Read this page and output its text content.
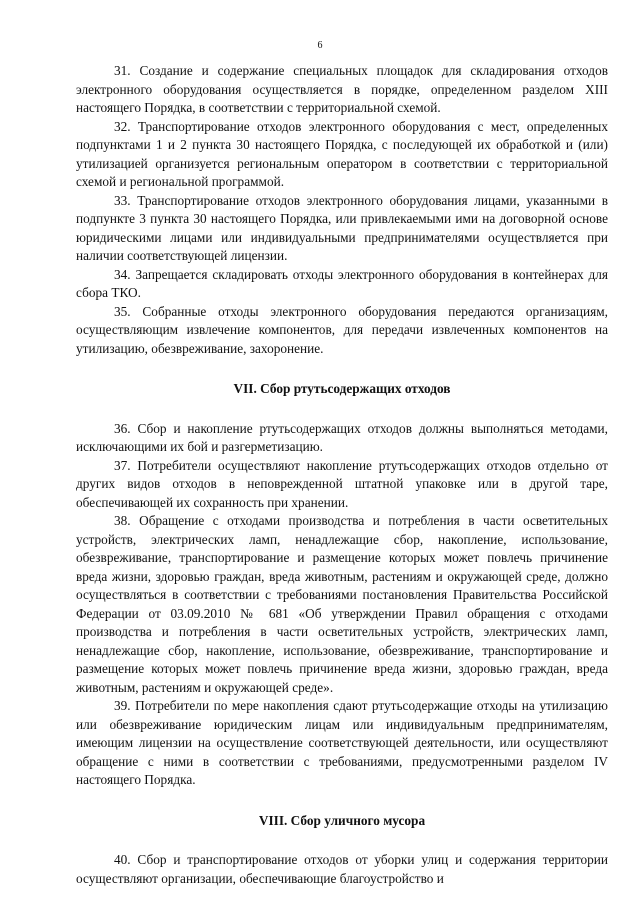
6

31. Создание и содержание специальных площадок для складирования отходов электронного оборудования осуществляется в порядке, определенном разделом XIII настоящего Порядка, в соответствии с территориальной схемой.

32. Транспортирование отходов электронного оборудования с мест, определенных подпунктами 1 и 2 пункта 30 настоящего Порядка, с последующей их обработкой и (или) утилизацией организуется региональным оператором в соответствии с территориальной схемой и региональной программой.

33. Транспортирование отходов электронного оборудования лицами, указанными в подпункте 3 пункта 30 настоящего Порядка, или привлекаемыми ими на договорной основе юридическими лицами или индивидуальными предпринимателями осуществляется при наличии соответствующей лицензии.

34. Запрещается складировать отходы электронного оборудования в контейнерах для сбора ТКО.

35. Собранные отходы электронного оборудования передаются организациям, осуществляющим извлечение компонентов, для передачи извлеченных компонентов на утилизацию, обезвреживание, захоронение.

VII. Сбор ртутьсодержащих отходов

36. Сбор и накопление ртутьсодержащих отходов должны выполняться методами, исключающими их бой и разгерметизацию.

37. Потребители осуществляют накопление ртутьсодержащих отходов отдельно от других видов отходов в неповрежденной штатной упаковке или в другой таре, обеспечивающей их сохранность при хранении.

38. Обращение с отходами производства и потребления в части осветительных устройств, электрических ламп, ненадлежащие сбор, накопление, использование, обезвреживание, транспортирование и размещение которых может повлечь причинение вреда жизни, здоровью граждан, вреда животным, растениям и окружающей среде, должно осуществляться в соответствии с требованиями постановления Правительства Российской Федерации от 03.09.2010 № 681 «Об утверждении Правил обращения с отходами производства и потребления в части осветительных устройств, электрических ламп, ненадлежащие сбор, накопление, использование, обезвреживание, транспортирование и размещение которых может повлечь причинение вреда жизни, здоровью граждан, вреда животным, растениям и окружающей среде».

39. Потребители по мере накопления сдают ртутьсодержащие отходы на утилизацию или обезвреживание юридическим лицам или индивидуальным предпринимателям, имеющим лицензии на осуществление соответствующей деятельности, или осуществляют обращение с ними в соответствии с требованиями, предусмотренными разделом IV настоящего Порядка.

VIII. Сбор уличного мусора

40. Сбор и транспортирование отходов от уборки улиц и содержания территории осуществляют организации, обеспечивающие благоустройство и
